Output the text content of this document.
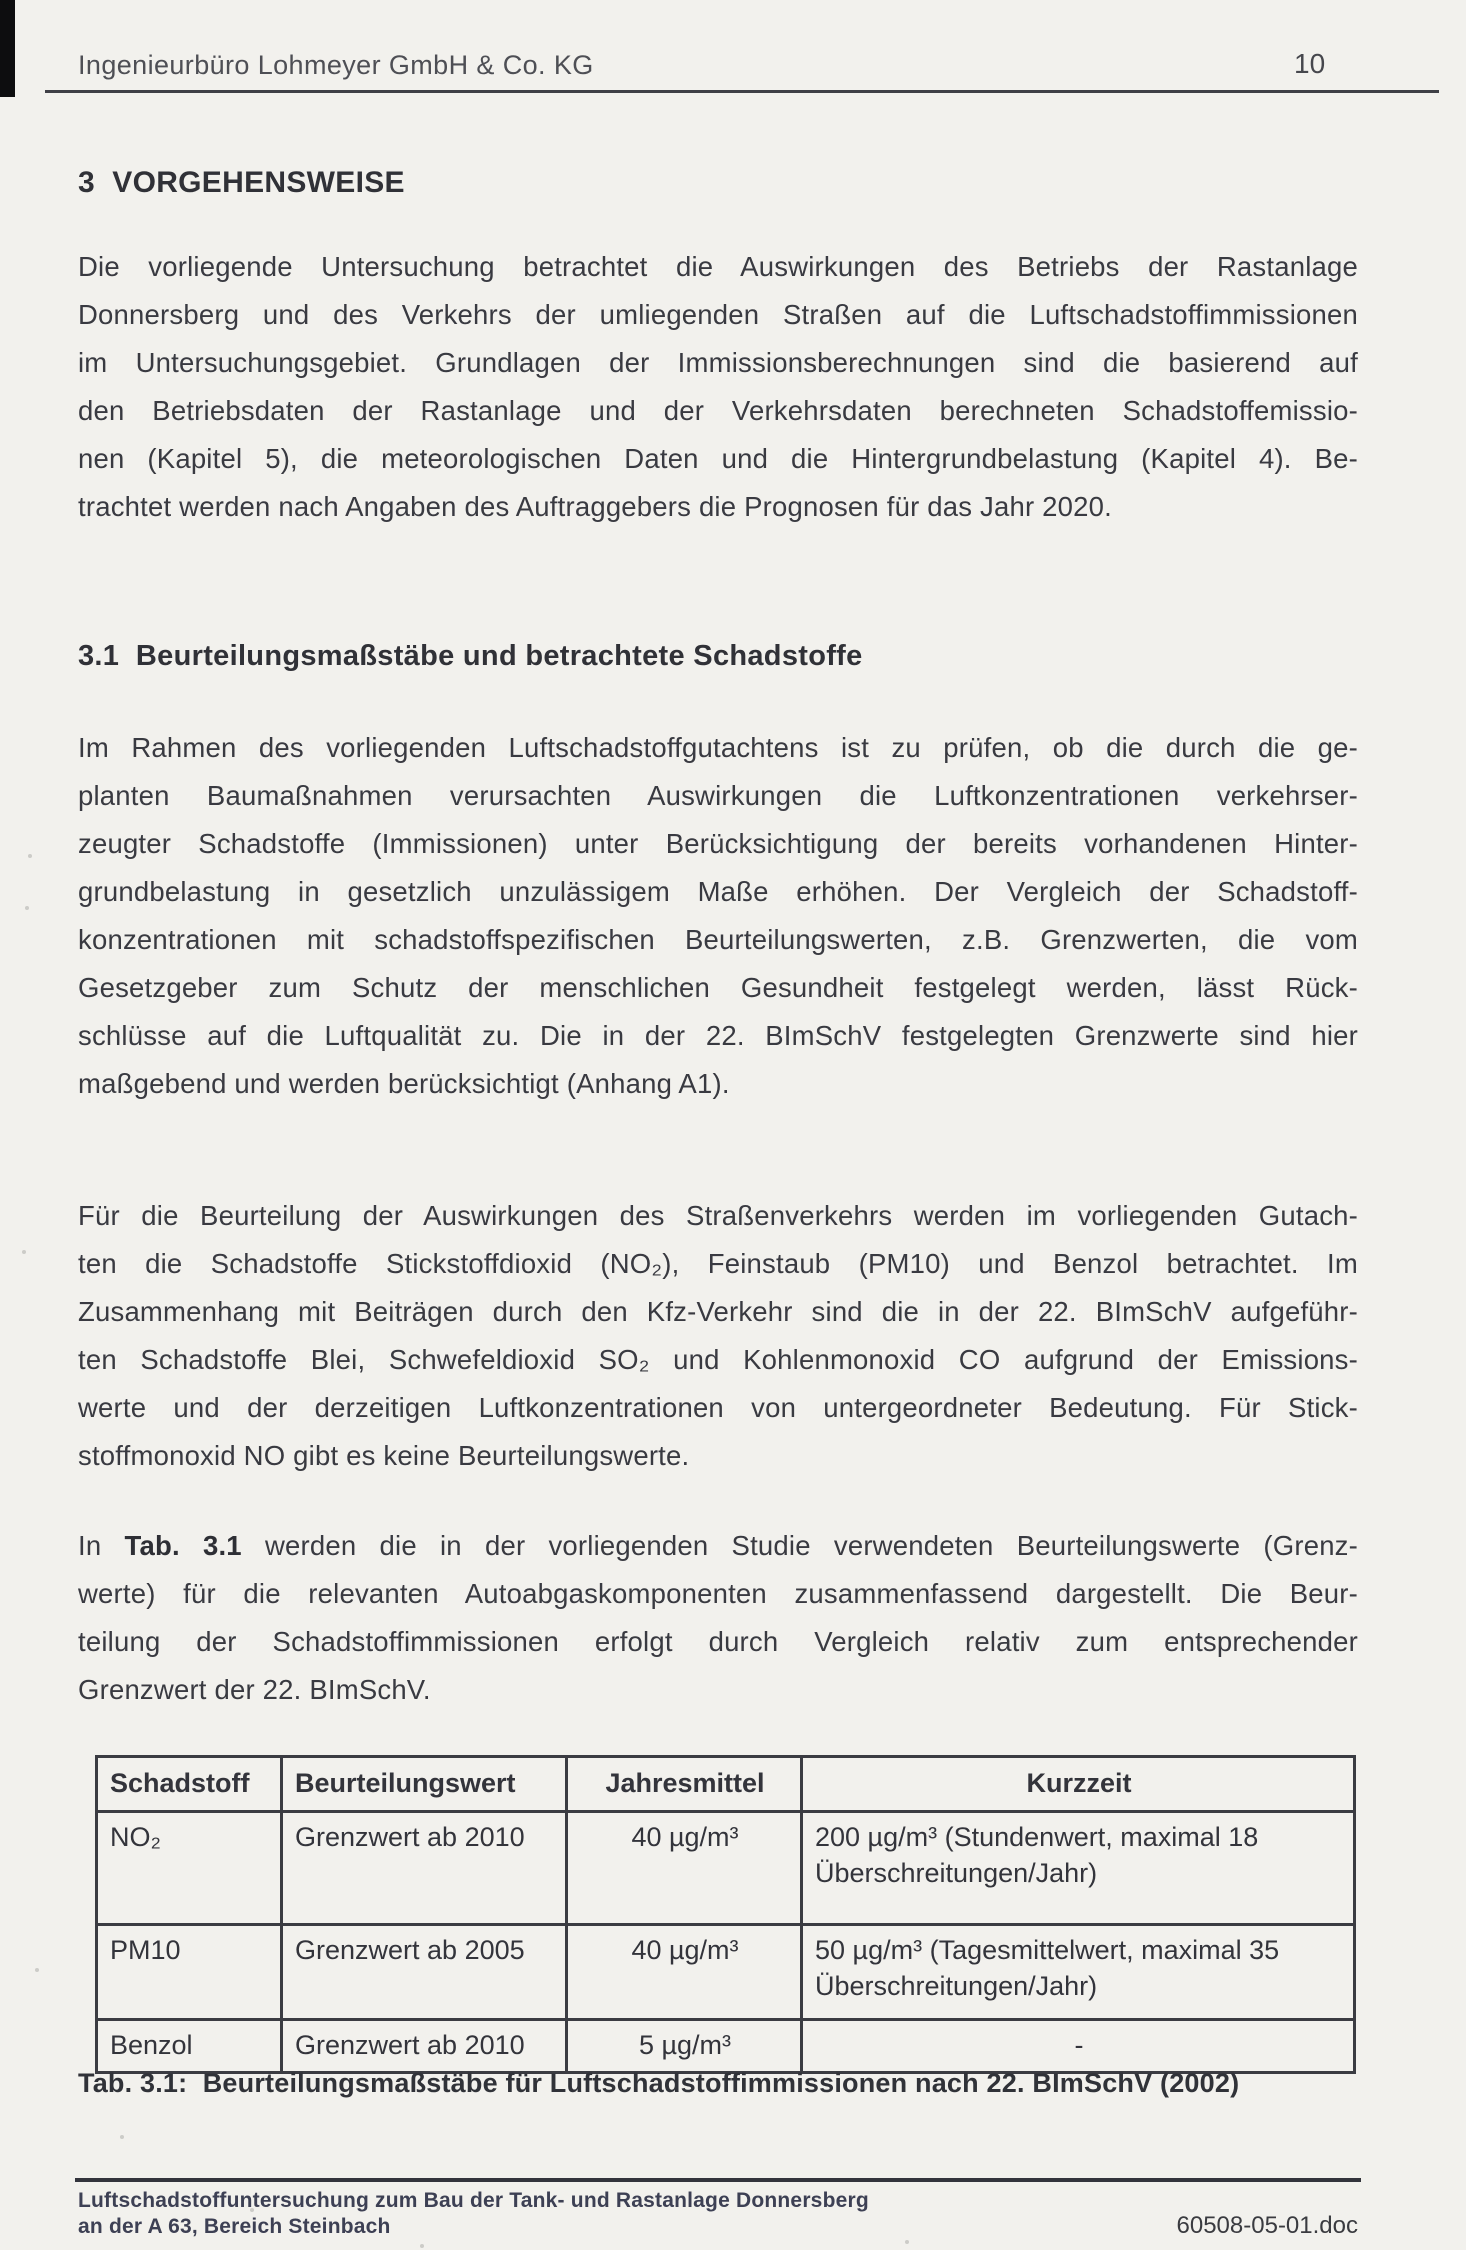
Ingenieurbüro Lohmeyer GmbH & Co. KG	10
3  VORGEHENSWEISE
Die vorliegende Untersuchung betrachtet die Auswirkungen des Betriebs der Rastanlage
Donnersberg und des Verkehrs der umliegenden Straßen auf die Luftschadstoffimmissionen
im Untersuchungsgebiet. Grundlagen der Immissionsberechnungen sind die basierend auf
den Betriebsdaten der Rastanlage und der Verkehrsdaten berechneten Schadstoffemissio-
nen (Kapitel 5), die meteorologischen Daten und die Hintergrundbelastung (Kapitel 4). Be-
trachtet werden nach Angaben des Auftraggebers die Prognosen für das Jahr 2020.
3.1  Beurteilungsmaßstäbe und betrachtete Schadstoffe
Im Rahmen des vorliegenden Luftschadstoffgutachtens ist zu prüfen, ob die durch die ge-
planten Baumaßnahmen verursachten Auswirkungen die Luftkonzentrationen verkehrser-
zeugter Schadstoffe (Immissionen) unter Berücksichtigung der bereits vorhandenen Hinter-
grundbelastung in gesetzlich unzulässigem Maße erhöhen. Der Vergleich der Schadstoff-
konzentrationen mit schadstoffspezifischen Beurteilungswerten, z.B. Grenzwerten, die vom
Gesetzgeber zum Schutz der menschlichen Gesundheit festgelegt werden, lässt Rück-
schlüsse auf die Luftqualität zu. Die in der 22. BImSchV festgelegten Grenzwerte sind hier
maßgebend und werden berücksichtigt (Anhang A1).
Für die Beurteilung der Auswirkungen des Straßenverkehrs werden im vorliegenden Gutach-
ten die Schadstoffe Stickstoffdioxid (NO₂), Feinstaub (PM10) und Benzol betrachtet. Im
Zusammenhang mit Beiträgen durch den Kfz-Verkehr sind die in der 22. BImSchV aufgeführ-
ten Schadstoffe Blei, Schwefeldioxid SO₂ und Kohlenmonoxid CO aufgrund der Emissions-
werte und der derzeitigen Luftkonzentrationen von untergeordneter Bedeutung. Für Stick-
stoffmonoxid NO gibt es keine Beurteilungswerte.
In Tab. 3.1 werden die in der vorliegenden Studie verwendeten Beurteilungswerte (Grenz-
werte) für die relevanten Autoabgaskomponenten zusammenfassend dargestellt. Die Beur-
teilung der Schadstoffimmissionen erfolgt durch Vergleich relativ zum entsprechender
Grenzwert der 22. BImSchV.
Schadstoff	Beurteilungswert	Jahresmittel	Kurzzeit
NO₂	Grenzwert ab 2010	40 µg/m³	200 µg/m³ (Stundenwert, maximal 18 Überschreitungen/Jahr)
PM10	Grenzwert ab 2005	40 µg/m³	50 µg/m³ (Tagesmittelwert, maximal 35 Überschreitungen/Jahr)
Benzol	Grenzwert ab 2010	5 µg/m³	-
Tab. 3.1:  Beurteilungsmaßstäbe für Luftschadstoffimmissionen nach 22. BImSchV (2002)
Luftschadstoffuntersuchung zum Bau der Tank- und Rastanlage Donnersberg
an der A 63, Bereich Steinbach	60508-05-01.doc
